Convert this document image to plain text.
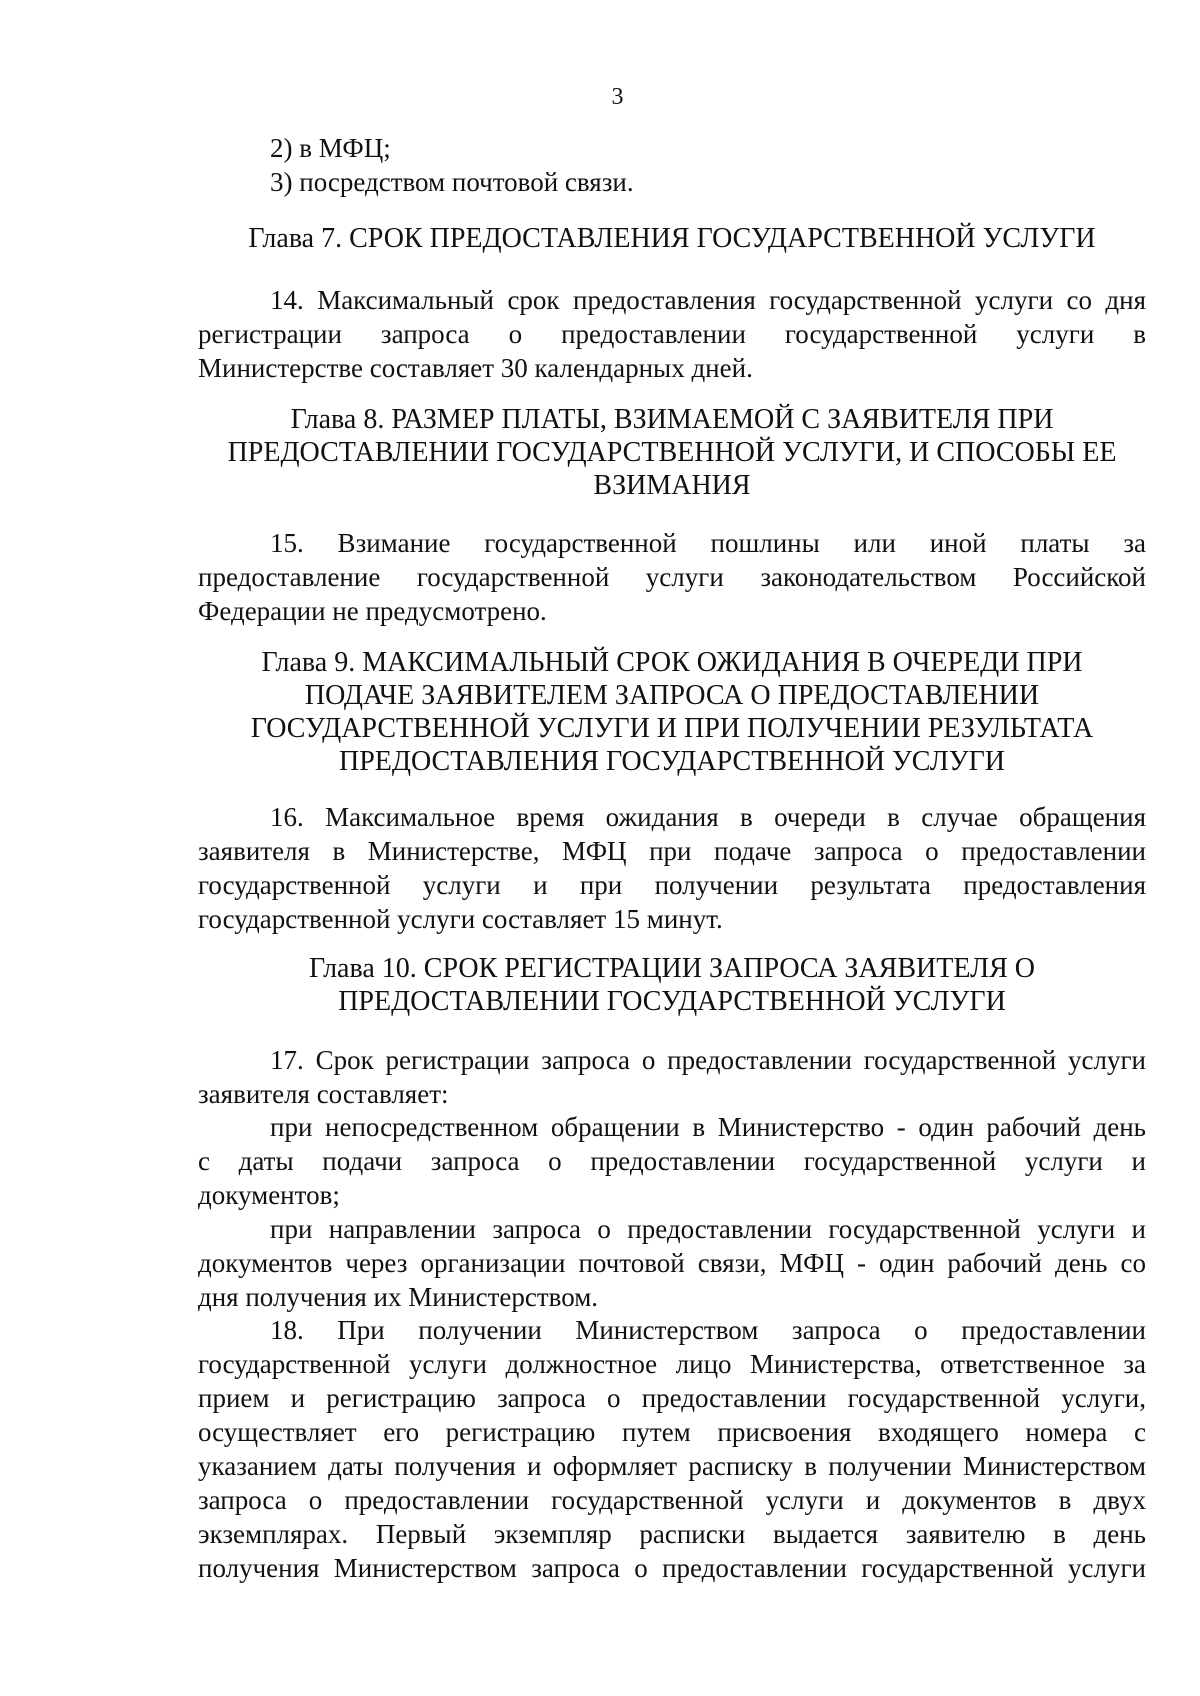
3
2) в МФЦ;
3) посредством почтовой связи.
Глава 7. СРОК ПРЕДОСТАВЛЕНИЯ ГОСУДАРСТВЕННОЙ УСЛУГИ
14. Максимальный срок предоставления государственной услуги со дня
регистрации запроса о предоставлении государственной услуги в
Министерстве составляет 30 календарных дней.
Глава 8. РАЗМЕР ПЛАТЫ, ВЗИМАЕМОЙ С ЗАЯВИТЕЛЯ ПРИ
ПРЕДОСТАВЛЕНИИ ГОСУДАРСТВЕННОЙ УСЛУГИ, И СПОСОБЫ ЕЕ
ВЗИМАНИЯ
15. Взимание государственной пошлины или иной платы за
предоставление государственной услуги законодательством Российской
Федерации не предусмотрено.
Глава 9. МАКСИМАЛЬНЫЙ СРОК ОЖИДАНИЯ В ОЧЕРЕДИ ПРИ
ПОДАЧЕ ЗАЯВИТЕЛЕМ ЗАПРОСА О ПРЕДОСТАВЛЕНИИ
ГОСУДАРСТВЕННОЙ УСЛУГИ И ПРИ ПОЛУЧЕНИИ РЕЗУЛЬТАТА
ПРЕДОСТАВЛЕНИЯ ГОСУДАРСТВЕННОЙ УСЛУГИ
16. Максимальное время ожидания в очереди в случае обращения
заявителя в Министерстве, МФЦ при подаче запроса о предоставлении
государственной услуги и при получении результата предоставления
государственной услуги составляет 15 минут.
Глава 10. СРОК РЕГИСТРАЦИИ ЗАПРОСА ЗАЯВИТЕЛЯ О
ПРЕДОСТАВЛЕНИИ ГОСУДАРСТВЕННОЙ УСЛУГИ
17. Срок регистрации запроса о предоставлении государственной услуги
заявителя составляет:
при непосредственном обращении в Министерство - один рабочий день
с даты подачи запроса о предоставлении государственной услуги и
документов;
при направлении запроса о предоставлении государственной услуги и
документов через организации почтовой связи, МФЦ - один рабочий день со
дня получения их Министерством.
18. При получении Министерством запроса о предоставлении
государственной услуги должностное лицо Министерства, ответственное за
прием и регистрацию запроса о предоставлении государственной услуги,
осуществляет его регистрацию путем присвоения входящего номера с
указанием даты получения и оформляет расписку в получении Министерством
запроса о предоставлении государственной услуги и документов в двух
экземплярах. Первый экземпляр расписки выдается заявителю в день
получения Министерством запроса о предоставлении государственной услуги
